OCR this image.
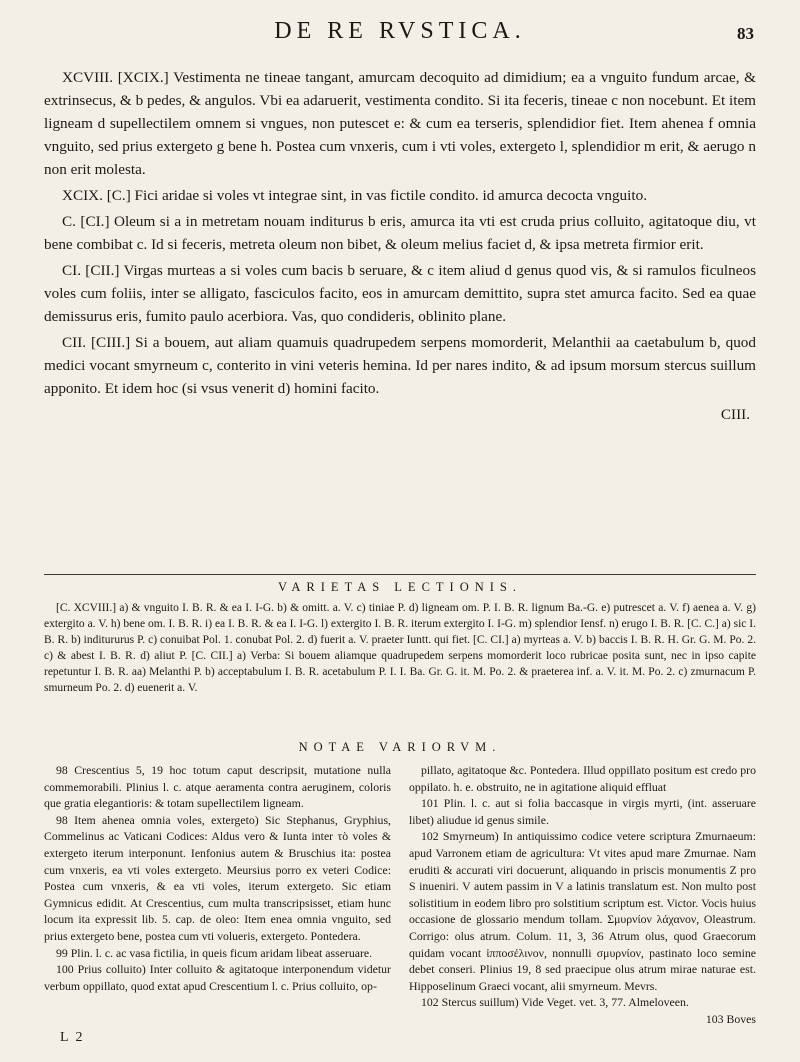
DE RE RVSTICA.	83

XCVIII. [XCIX.] Vestimenta ne tineae tangant, amurcam decoquito ad dimidium; ea a vnguito fundum arcae, & extrinsecus, & b pedes, & angulos. Vbi ea adaruerit, vestimenta condito. Si ita feceris, tineae c non nocebunt. Et item ligneam d supellectilem omnem si vngues, non putescet e: & cum ea terseris, splendidior fiet. Item ahenea f omnia vnguito, sed prius extergeto g bene h. Postea cum vnxeris, cum i vti voles, extergeto l, splendidior m erit, & aerugo n non erit molesta.

XCIX. [C.] Fici aridae si voles vt integrae sint, in vas fictile condito. id amurca decocta vnguito.

C. [CI.] Oleum si a in metretam nouam inditurus b eris, amurca ita vti est cruda prius colluito, agitatoque diu, vt bene combibat c. Id si feceris, metreta oleum non bibet, & oleum melius faciet d, & ipsa metreta firmior erit.

CI. [CII.] Virgas murteas a si voles cum bacis b seruare, & c item aliud d genus quod vis, & si ramulos ficulneos voles cum foliis, inter se alligato, fasciculos facito, eos in amurcam demittito, supra stet amurca facito. Sed ea quae demissurus eris, fumito paulo acerbiora. Vas, quo condideris, oblinito plane.

CII. [CIII.] Si a bouem, aut aliam quamuis quadrupedem serpens momorderit, Melanthii aa caetabulum b, quod medici vocant smyrneum c, conterito in vini veteris hemina. Id per nares indito, & ad ipsum morsum stercus suillum apponito. Et idem hoc (si vsus venerit d) homini facito.

CIII.
VARIETAS LECTIONIS.

[C. XCVIII.] a) & vnguito I. B. R. & ea I. I-G. b) & omitt. a. V. c) tiniae P. d) ligneam om. P. I. B. R. lignum Ba.-G. e) putrescet a. V. f) aenea a. V. g) extergito a. V. h) bene om. I. B. R. i) ea I. B. R. & ea I. I-G. l) extergito I. B. R. iterum extergito I. I-G. m) splendior Iensf. n) erugo I. B. R. [C. C.] a) sic I. B. R. b) inditururus P. c) conuibat Pol. 1. conubat Pol. 2. d) fuerit a. V. praeter Iuntt. qui fiet. [C. CI.] a) myrteas a. V. b) baccis I. B. R. H. Gr. G. M. Po. 2. c) & abest I. B. R. d) aliut P. [C. CII.] a) Verba: Si bouem aliamque quadrupedem serpens momorderit loco rubricae posita sunt, nec in ipso capite repetuntur I. B. R. aa) Melanthi P. b) acceptabulum I. B. R. acetabulum P. I. I. Ba. Gr. G. it. M. Po. 2. & praeterea inf. a. V. it. M. Po. 2. c) zmurnacum P. smurneum Po. 2. d) euenerit a. V.

NOTAE VARIORVM.

98 Crescentius 5, 19 hoc totum caput descripsit, mutatione nulla commemorabili. Plinius l. c. atque aeramenta contra aeruginem, coloris que gratia elegantioris: & totam supellectilem ligneam.

98 Item ahenea omnia voles, extergeto) Sic Stephanus, Gryphius, Commelinus ac Vaticani Codices: Aldus vero & Iunta inter τὸ voles & extergeto iterum interponunt. Ienfonius autem & Bruschius ita: postea cum vnxeris, ea vti voles extergeto. Meursius porro ex veteri Codice: Postea cum vnxeris, & ea vti voles, iterum extergeto. Sic etiam Gymnicus edidit. At Crescentius, cum multa transcripsisset, etiam hunc locum ita expressit lib. 5. cap. de oleo: Item enea omnia vnguito, sed prius extergeto bene, postea cum vti volueris, extergeto. Pontedera.

99 Plin. l. c. ac vasa fictilia, in queis ficum aridam libeat asseruare.

100 Prius colluito) Inter colluito & agitatoque interponendum videtur verbum oppillato, quod extat apud Crescentium l. c. Prius colluito, op-

pillato, agitatoque &c. Pontedera. Illud oppillato positum est credo pro oppilato. h. e. obstruito, ne in agitatione aliquid effluat

101 Plin. l. c. aut si folia baccasque in virgis myrti, (int. asseruare libet) aliudue id genus simile.

102 Smyrneum) In antiquissimo codice vetere scriptura Zmurnaeum: apud Varronem etiam de agricultura: Vt vites apud mare Zmurnae. Nam eruditi & accurati viri docuerunt, aliquando in priscis monumentis Z pro S inueniri. V autem passim in V a latinis translatum est. Non multo post solistitium in eodem libro pro solstitium scriptum est. Victor. Vocis huius occasione de glossario mendum tollam. Σμυρνίον λάχανον, Oleastrum. Corrigo: olus atrum. Colum. 11, 3, 36 Atrum olus, quod Graecorum quidam vocant ἱπποσέλινον, nonnulli σμυρνίον, pastinato loco semine debet conseri. Plinius 19, 8 sed praecipue olus atrum mirae naturae est. Hipposelinum Graeci vocant, alii smyrneum. Mevrs.

102 Stercus suillum) Vide Veget. vet. 3, 77. Almeloveen.

103 Boves
L 2
